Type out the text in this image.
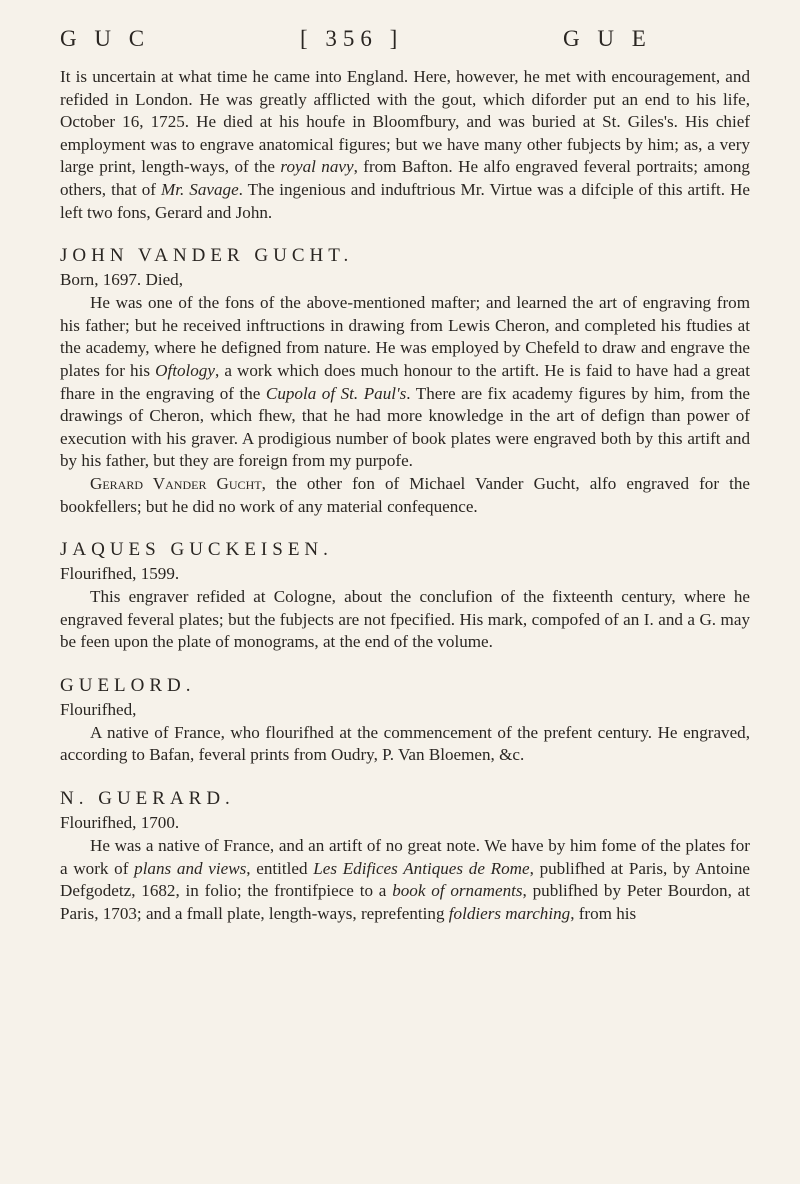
G U C	[ 356 ]	G U E

It is uncertain at what time he came into England. Here, however, he met with encouragement, and refided in London. He was greatly afflicted with the gout, which diforder put an end to his life, October 16, 1725. He died at his houfe in Bloomfbury, and was buried at St. Giles's. His chief employment was to engrave anatomical figures; but we have many other fubjects by him; as, a very large print, length-ways, of the royal navy, from Bafton. He alfo engraved feveral portraits; among others, that of Mr. Savage. The ingenious and induftrious Mr. Virtue was a difciple of this artift. He left two fons, Gerard and John.

JOHN VANDER GUCHT.

Born, 1697. Died,

He was one of the fons of the above-mentioned mafter; and learned the art of engraving from his father; but he received inftructions in drawing from Lewis Cheron, and completed his ftudies at the academy, where he defigned from nature. He was employed by Chefeld to draw and engrave the plates for his Oftology, a work which does much honour to the artift. He is faid to have had a great fhare in the engraving of the Cupola of St. Paul's. There are fix academy figures by him, from the drawings of Cheron, which fhew, that he had more knowledge in the art of defign than power of execution with his graver. A prodigious number of book plates were engraved both by this artift and by his father, but they are foreign from my purpofe.

Gerard Vander Gucht, the other fon of Michael Vander Gucht, alfo engraved for the bookfellers; but he did no work of any material confequence.

JAQUES GUCKEISEN.

Flourifhed, 1599.

This engraver refided at Cologne, about the conclufion of the fixteenth century, where he engraved feveral plates; but the fubjects are not fpecified. His mark, compofed of an I. and a G. may be feen upon the plate of monograms, at the end of the volume.

GUELORD.

Flourifhed,

A native of France, who flourifhed at the commencement of the prefent century. He engraved, according to Bafan, feveral prints from Oudry, P. Van Bloemen, &c.

N. GUERARD.

Flourifhed, 1700.

He was a native of France, and an artift of no great note. We have by him fome of the plates for a work of plans and views, entitled Les Edifices Antiques de Rome, publifhed at Paris, by Antoine Defgodetz, 1682, in folio; the frontifpiece to a book of ornaments, publifhed by Peter Bourdon, at Paris, 1703; and a fmall plate, length-ways, reprefenting foldiers marching, from his
